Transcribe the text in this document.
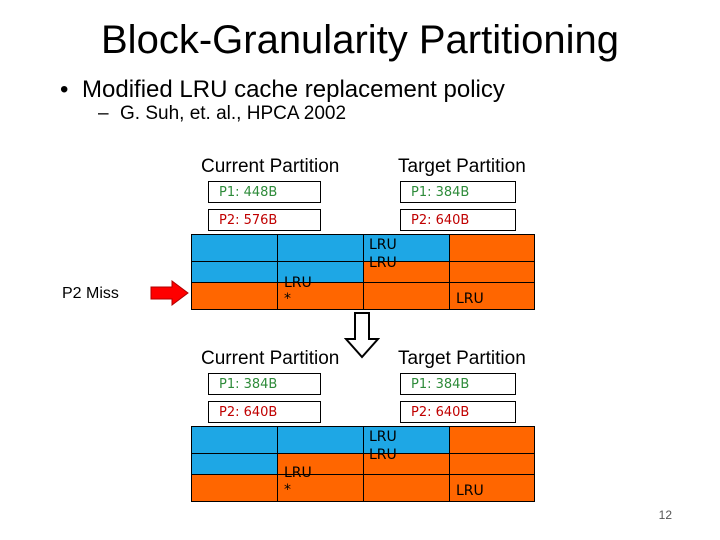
Block-Granularity Partitioning
• Modified LRU cache replacement policy
– G. Suh, et. al., HPCA 2002
Current Partition	Target Partition
P1: 448B	P1: 384B
P2: 576B	P2: 640B
LRU
LRU
LRU
*	LRU
P2 Miss
Current Partition	Target Partition
P1: 384B	P1: 384B
P2: 640B	P2: 640B
LRU
LRU
LRU
*	LRU
12
